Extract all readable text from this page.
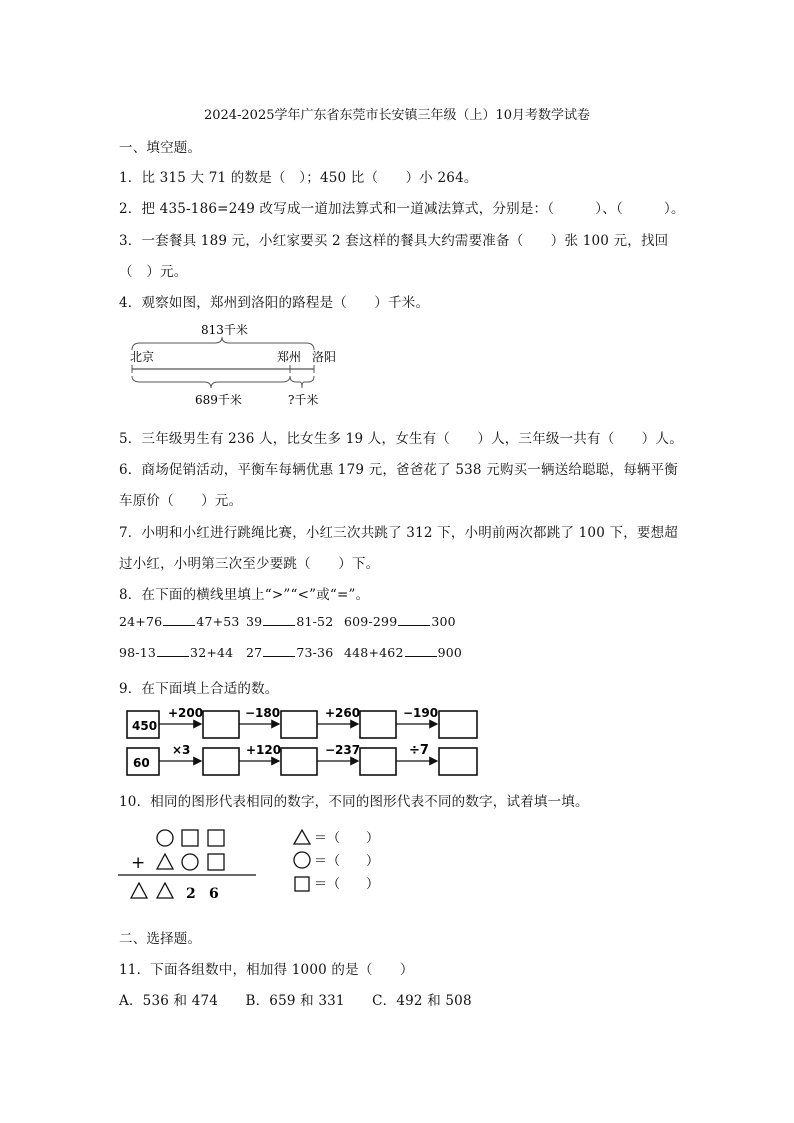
2024-2025学年广东省东莞市长安镇三年级（上）10月考数学试卷
一、填空题。
1．比 315 大 71 的数是（　）；450 比（　　）小 264。
2．把 435-186=249 改写成一道加法算式和一道减法算式，分别是：（　　　）、（　　　）。
3．一套餐具 189 元，小红家要买 2 套这样的餐具大约需要准备（　　）张 100 元，找回
（　）元。
4．观察如图，郑州到洛阳的路程是（　　）千米。
813千米
北京	郑州 洛阳
689千米	?千米
5．三年级男生有 236 人，比女生多 19 人，女生有（　　）人，三年级一共有（　　）人。
6．商场促销活动，平衡车每辆优惠 179 元，爸爸花了 538 元购买一辆送给聪聪，每辆平衡
车原价（　　）元。
7．小明和小红进行跳绳比赛，小红三次共跳了 312 下，小明前两次都跳了 100 下，要想超
过小红，小明第三次至少要跳（　　）下。
8．在下面的横线里填上“>”“<”或“=”。
24+76	47+53 39	81-52 609-299	300
98-13	32+44 27	73-36 448+462	900
9．在下面填上合适的数。
450
+200	−180	+260	−190
60
×3	+120	−237	÷7
10．相同的图形代表相同的数字，不同的图形代表不同的数字，试着填一填。
+
2 6
＝（　　）
＝（　　）
＝（　　）
二、选择题。
11．下面各组数中，相加得 1000 的是（　　）
A．536 和 474　　B．659 和 331　　C．492 和 508
